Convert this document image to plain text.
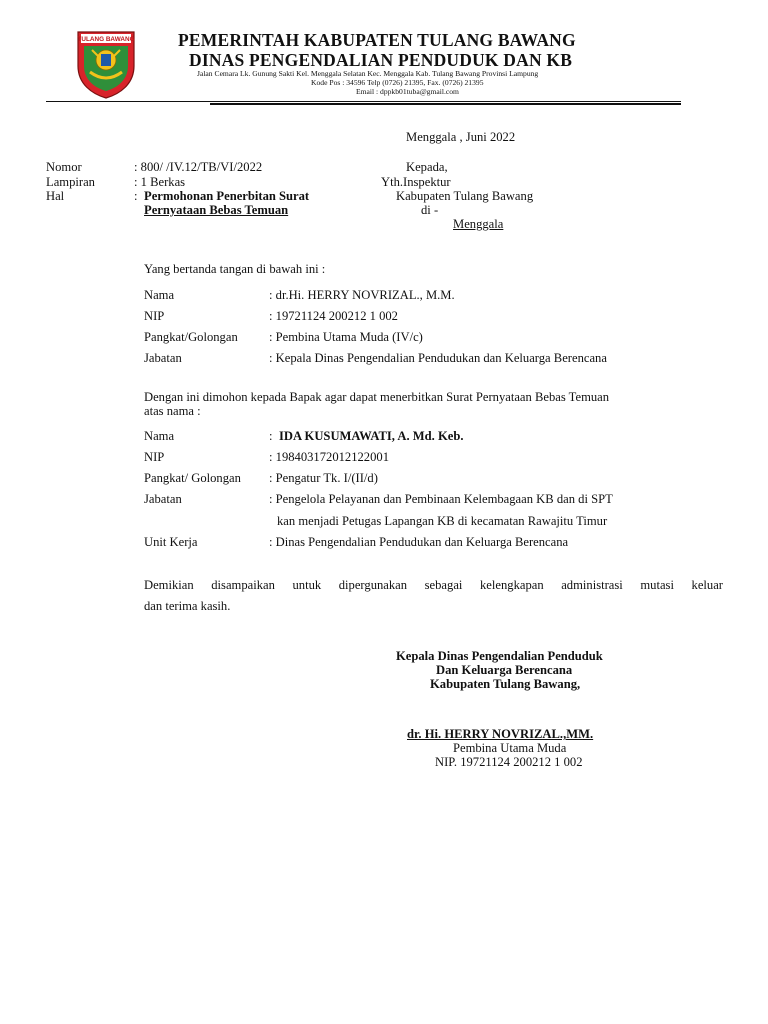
TULANG BAWANG PEMERINTAH KABUPATEN TULANG BAWANG
DINAS PENGENDALIAN PENDUDUK DAN KB
Jalan Cemara Lk. Gunung Sakti Kel. Menggala Selatan Kec. Menggala Kab. Tulang Bawang Provinsi Lampung
Kode Pos : 34596 Telp (0726) 21395, Fax. (0726) 21395
Email : dppkb01tuba@gmail.com
Menggala , Juni 2022
Nomor	: 800/ /IV.12/TB/VI/2022
Lampiran	: 1 Berkas
Hal	: Permohonan Penerbitan Surat
Pernyataan Bebas Temuan
Kepada,
Yth.Inspektur
Kabupaten Tulang Bawang
di -
Menggala
Yang bertanda tangan di bawah ini :
Nama	: dr.Hi. HERRY NOVRIZAL., M.M.
NIP	: 19721124 200212 1 002
Pangkat/Golongan : Pembina Utama Muda (IV/c)
Jabatan	: Kepala Dinas Pengendalian Pendudukan dan Keluarga Berencana
Dengan ini dimohon kepada Bapak agar dapat menerbitkan Surat Pernyataan Bebas Temuan
atas nama :
Nama	: IDA KUSUMAWATI, A. Md. Keb.
NIP	: 198403172012122001
Pangkat/ Golongan : Pengatur Tk. I/(II/d)
Jabatan	: Pengelola Pelayanan dan Pembinaan Kelembagaan KB dan di SPT
kan menjadi Petugas Lapangan KB di kecamatan Rawajitu Timur
Unit Kerja	: Dinas Pengendalian Pendudukan dan Keluarga Berencana
Demikian disampaikan untuk dipergunakan sebagai kelengkapan administrasi mutasi keluar
dan terima kasih.
Kepala Dinas Pengendalian Penduduk
Dan Keluarga Berencana
Kabupaten Tulang Bawang,
dr. Hi. HERRY NOVRIZAL.,MM.
Pembina Utama Muda
NIP. 19721124 200212 1 002
